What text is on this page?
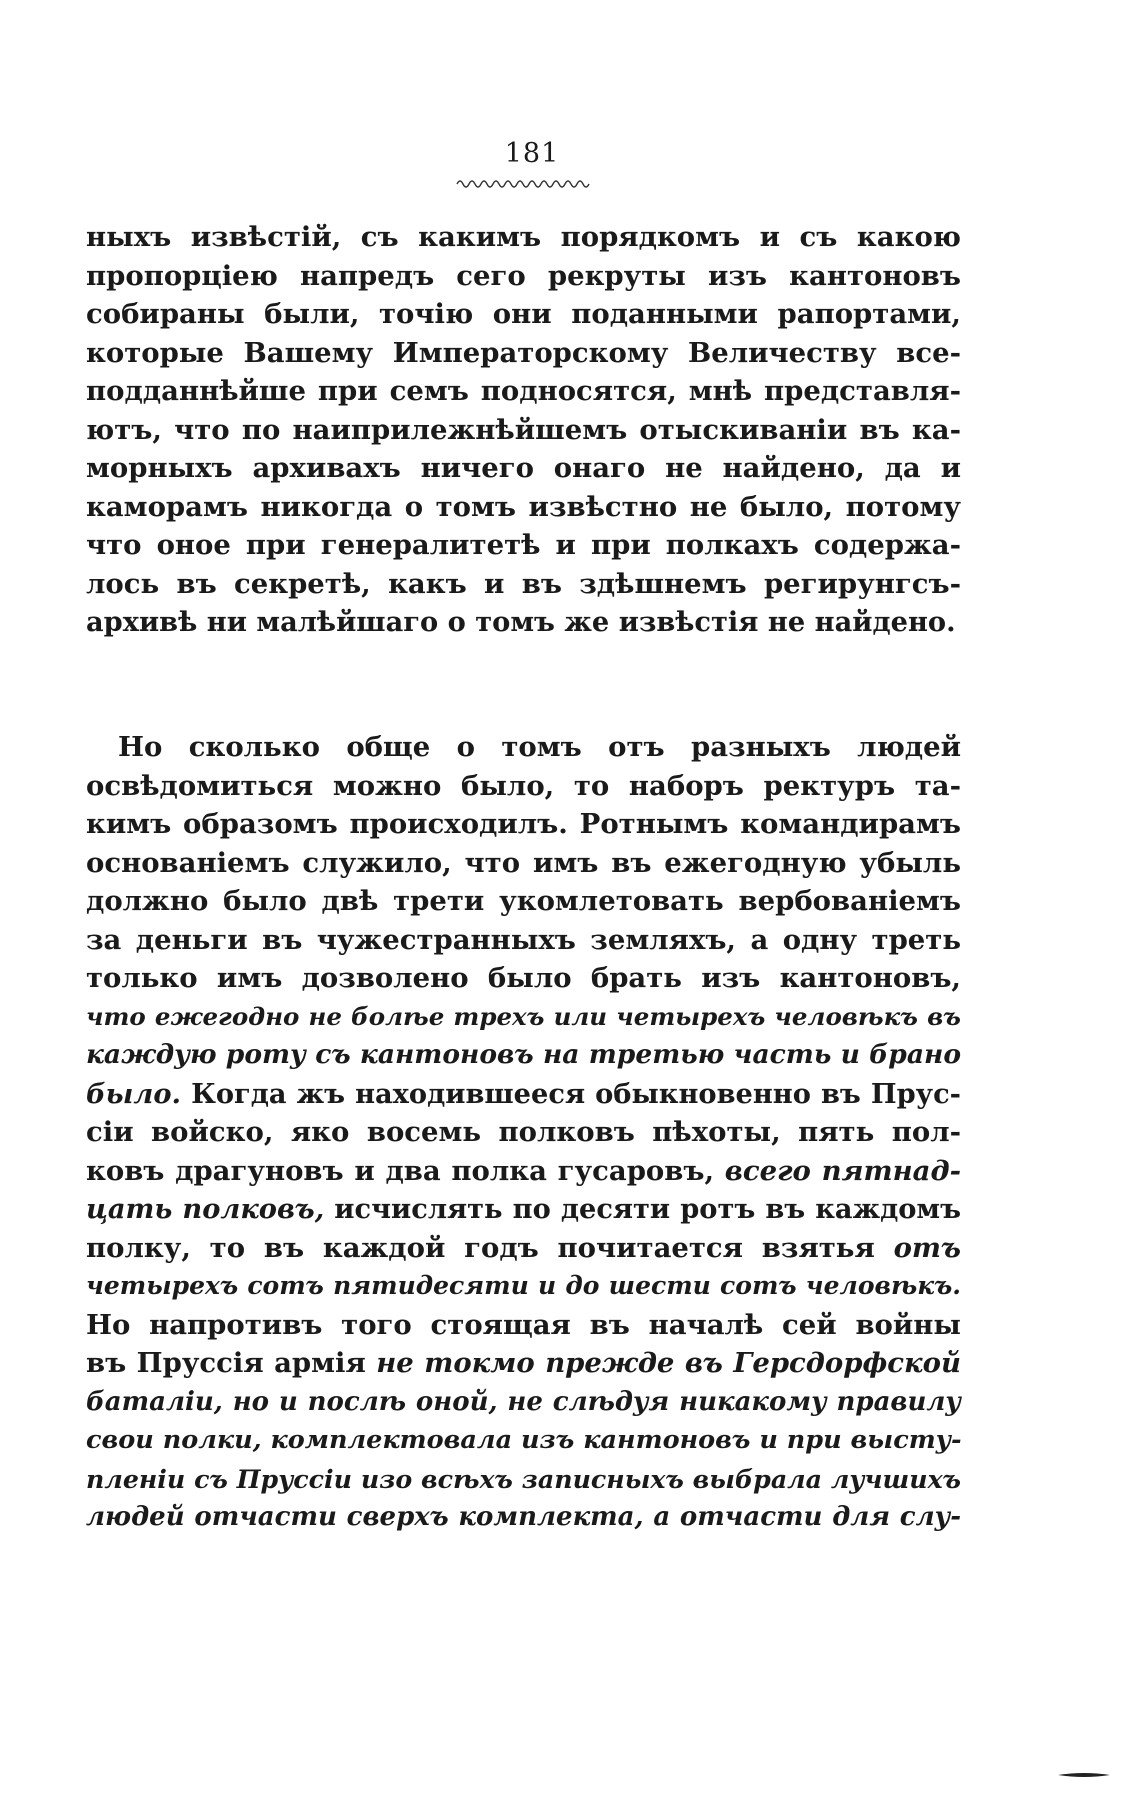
181
ныхъ извѣстій, съ какимъ порядкомъ и съ какою
пропорціею напредъ сего рекруты изъ кантоновъ
собираны были, точію они поданными рапортами,
которые Вашему Императорскому Величеству все-
подданнѣйше при семъ подносятся, мнѣ представля-
ютъ, что по наиприлежнѣйшемъ отыскиваніи въ ка-
морныхъ архивахъ ничего онаго не найдено, да и
каморамъ никогда о томъ извѣстно не было, потому
что оное при генералитетѣ и при полкахъ содержа-
лось въ секретѣ, какъ и въ здѣшнемъ регирунгсъ-
архивѣ ни малѣйшаго о томъ же извѣстія не найдено.
Но сколько обще о томъ отъ разныхъ людей
освѣдомиться можно было, то наборъ ректуръ та-
кимъ образомъ происходилъ. Ротнымъ командирамъ
основаніемъ служило, что имъ въ ежегодную убыль
должно было двѣ трети укомлетовать вербованіемъ
за деньги въ чужестранныхъ земляхъ, а одну треть
только имъ дозволено было брать изъ кантоновъ,
что ежегодно не болѣе трехъ или четырехъ человѣкъ въ
каждую роту съ кантоновъ на третью часть и брано
было. Когда жъ находившееся обыкновенно въ Прус-
сіи войско, яко восемь полковъ пѣхоты, пять пол-
ковъ драгуновъ и два полка гусаровъ, всего пятнад-
цать полковъ, исчислять по десяти ротъ въ каждомъ
полку, то въ каждой годъ почитается взятья отъ
четырехъ сотъ пятидесяти и до шести сотъ человѣкъ.
Но напротивъ того стоящая въ началѣ сей войны
въ Пруссія армія не токмо прежде въ Герсдорфской
баталіи, но и послѣ оной, не слѣдуя никакому правилу
свои полки, комплектовала изъ кантоновъ и при высту-
пленіи съ Пруссіи изо всѣхъ записныхъ выбрала лучшихъ
людей отчасти сверхъ комплекта, а отчасти для слу-
